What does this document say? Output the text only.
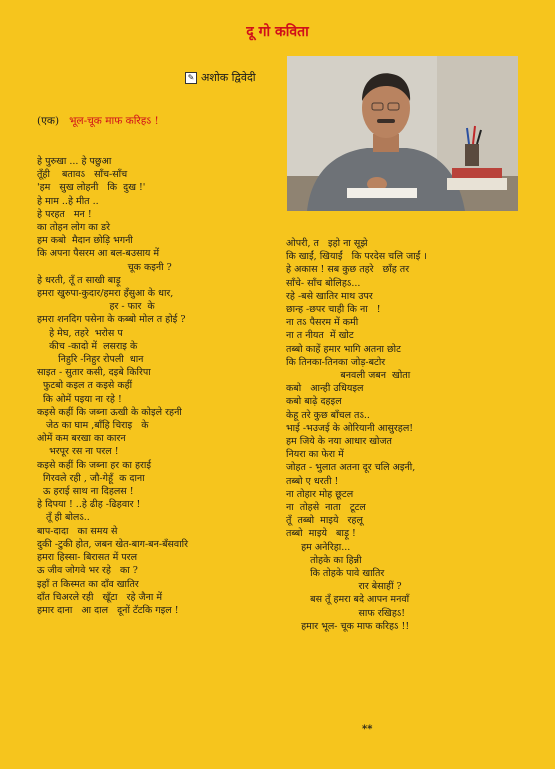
दू गो कविता
✎ अशोक द्विवेदी
(एक) भूल-चूक माफ करिहऽ !
हे पुरुखा ... हे पछुआ
तूँही    बतावऽ   साँच-साँच
'हम   सुख लोहनी   कि  दुख !'
हे माम ..हे मीत ..
हे परहत   मन !
का तोहन लोग का डरे
हम कबो  मैदान छोड़ि भगनी
कि अपना पैसरम आ बल-बउसाय में
चूक कइनी ?
हे धरती, तूँ त साखी बाड़ू
हमरा खुरुपा-कुदार/हमरा हँसुआ के धार,
हर - फार  के
हमरा शनदिग पसेना के कब्बो मोल त होई ?
हे मेघ, तहरे  भरोस प
कीच -कादो में  लसराइ के
निहुरि -निहुर रोपली  धान
साइत - सुतार कसी, दइबे किरिपा
फुटबो कइल त कइसे कहीं
कि ओमें पइया ना रहे !
कइसे कहीं कि जब्ना ऊखी के कोइले रहनी
जेठ का घाम ,बाँहि चिराइ   के
ओमें कम बरखा का कारन
भरपूर रस ना परल !
कइसे कहीं कि जब्ना हर का हराई
गिरवले रही , जौ-गेहूँ  क दाना
ऊ हराई साथ ना दिहलस !
हे दिपया ! ..हे ढीह -ढिहवार !
तूँ ही बोलऽ..
बाप-दादा   का समय से
दुकी -टुकी होत, जबन खेत-बाग-बन-बँसवारि
हमरा हिस्सा- बिरासत में परल
ऊ जीव जोगवे भर रहे   का ?
इहाँ त किस्मत का दाँव खातिर
दाँत चिअरले रही   खूँटा   रहे जैना में
हमार दाना   आ दाल   दूनों टॅटकि गइल !
ओपरी, त   इहो ना सूझे
कि खाईं, खियाईं   कि परदेस चलि जाईं ।
हे अकास ! सब कुछ तहरे   छाँह तर
साँचे- साँच बोलिहऽ...
रहे -बसे खातिर माथ उपर
छान्ह -छपर चाही कि ना   !
ना तऽ पैसरम में कमी
ना त नीयत  में खोट
तब्बो काहें हमार भागि अतना छोट
कि तिनका-तिनका जोड़-बटोर
बनवली जबन  खोता
कबो   आन्ही उधियइल
कबो बाढ़े दहइल
केहू तरे कुछ बाँचल तऽ..
भाई -भउजई के ओरियानी आसुरहल!
हम जिये के नया आधार खोजत
नियरा का फेरा में
जोहत - भुलात अतना दूर चलि अइनी,
तब्बो ए धरती !
ना तोहार मोह छूटल
ना  तोहसे  नाता   टूटल
तूँ  तब्बो  माइये   रहलू
तब्बो  माइये   बाड़ू !
हम अनेरिहा...
तोहके का हिन्नी
कि तोहके पावे खातिर
रार बेसाहीं ?
बस तूँ हमरा बदे आपन मनवाँ
साफ रखिहऽ!
हमार भूल- चूक माफ करिहऽ !!
**
